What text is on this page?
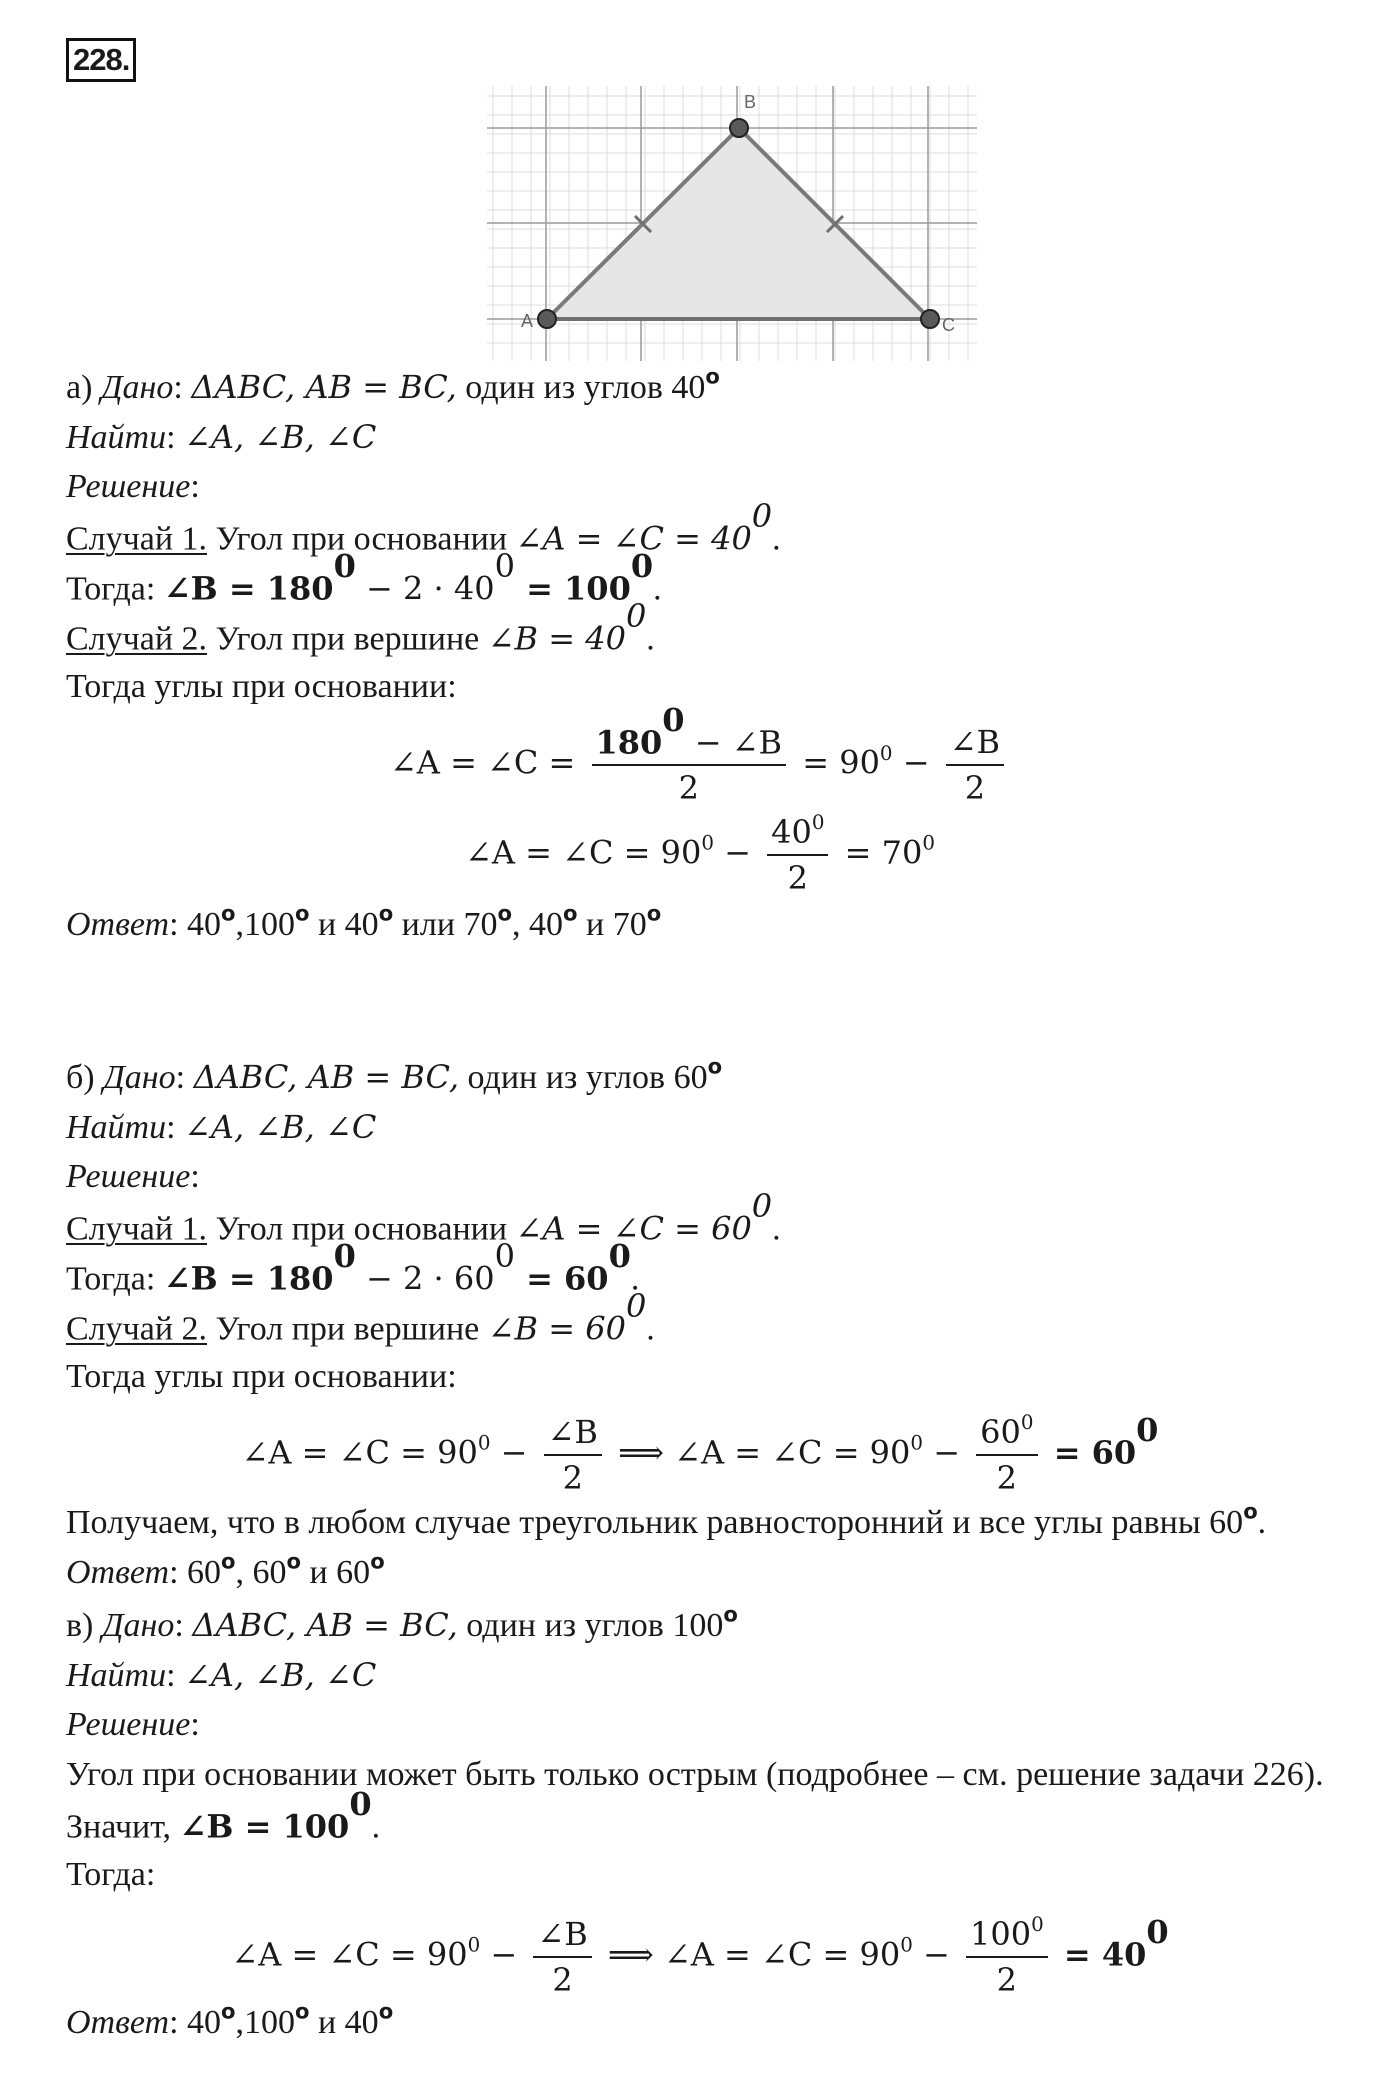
228.
A
B
C
а) Дано: ΔABC, AB = BC, один из углов 40$^o$
Найти: ∠A, ∠B, ∠C
Решение:
Случай 1. Угол при основании ∠A = ∠C = $40^0$.
Тогда: ∠B = $180^0 - 2 \cdot 40^0 = 100^0$.
Случай 2. Угол при вершине ∠B = $40^0$.
Тогда углы при основании:
∠A = ∠C = $\frac{180^0 - \angle B}{2} = 90^0 - \frac{\angle B}{2}$
∠A = ∠C = $90^0 - \frac{40^0}{2} = 70^0$
Ответ: 40$^o$,100$^o$ и 40$^o$ или 70$^o$, 40$^o$ и 70$^o$
б) Дано: ΔABC, AB = BC, один из углов 60$^o$
Найти: ∠A, ∠B, ∠C
Решение:
Случай 1. Угол при основании ∠A = ∠C = $60^0$.
Тогда: ∠B = $180^0 - 2 \cdot 60^0 = 60^0$.
Случай 2. Угол при вершине ∠B = $60^0$.
Тогда углы при основании:
∠A = ∠C = $90^0 - \frac{\angle B}{2}$ ⟹ ∠A = ∠C = $90^0 - \frac{60^0}{2} = 60^0$
Получаем, что в любом случае треугольник равносторонний и все углы равны 60$^o$.
Ответ: 60$^o$, 60$^o$ и 60$^o$
в) Дано: ΔABC, AB = BC, один из углов 100$^o$
Найти: ∠A, ∠B, ∠C
Решение:
Угол при основании может быть только острым (подробнее – см. решение задачи 226).
Значит, ∠B = $100^0$.
Тогда:
∠A = ∠C = $90^0 - \frac{\angle B}{2}$ ⟹ ∠A = ∠C = $90^0 - \frac{100^0}{2} = 40^0$
Ответ: 40$^o$,100$^o$ и 40$^o$
